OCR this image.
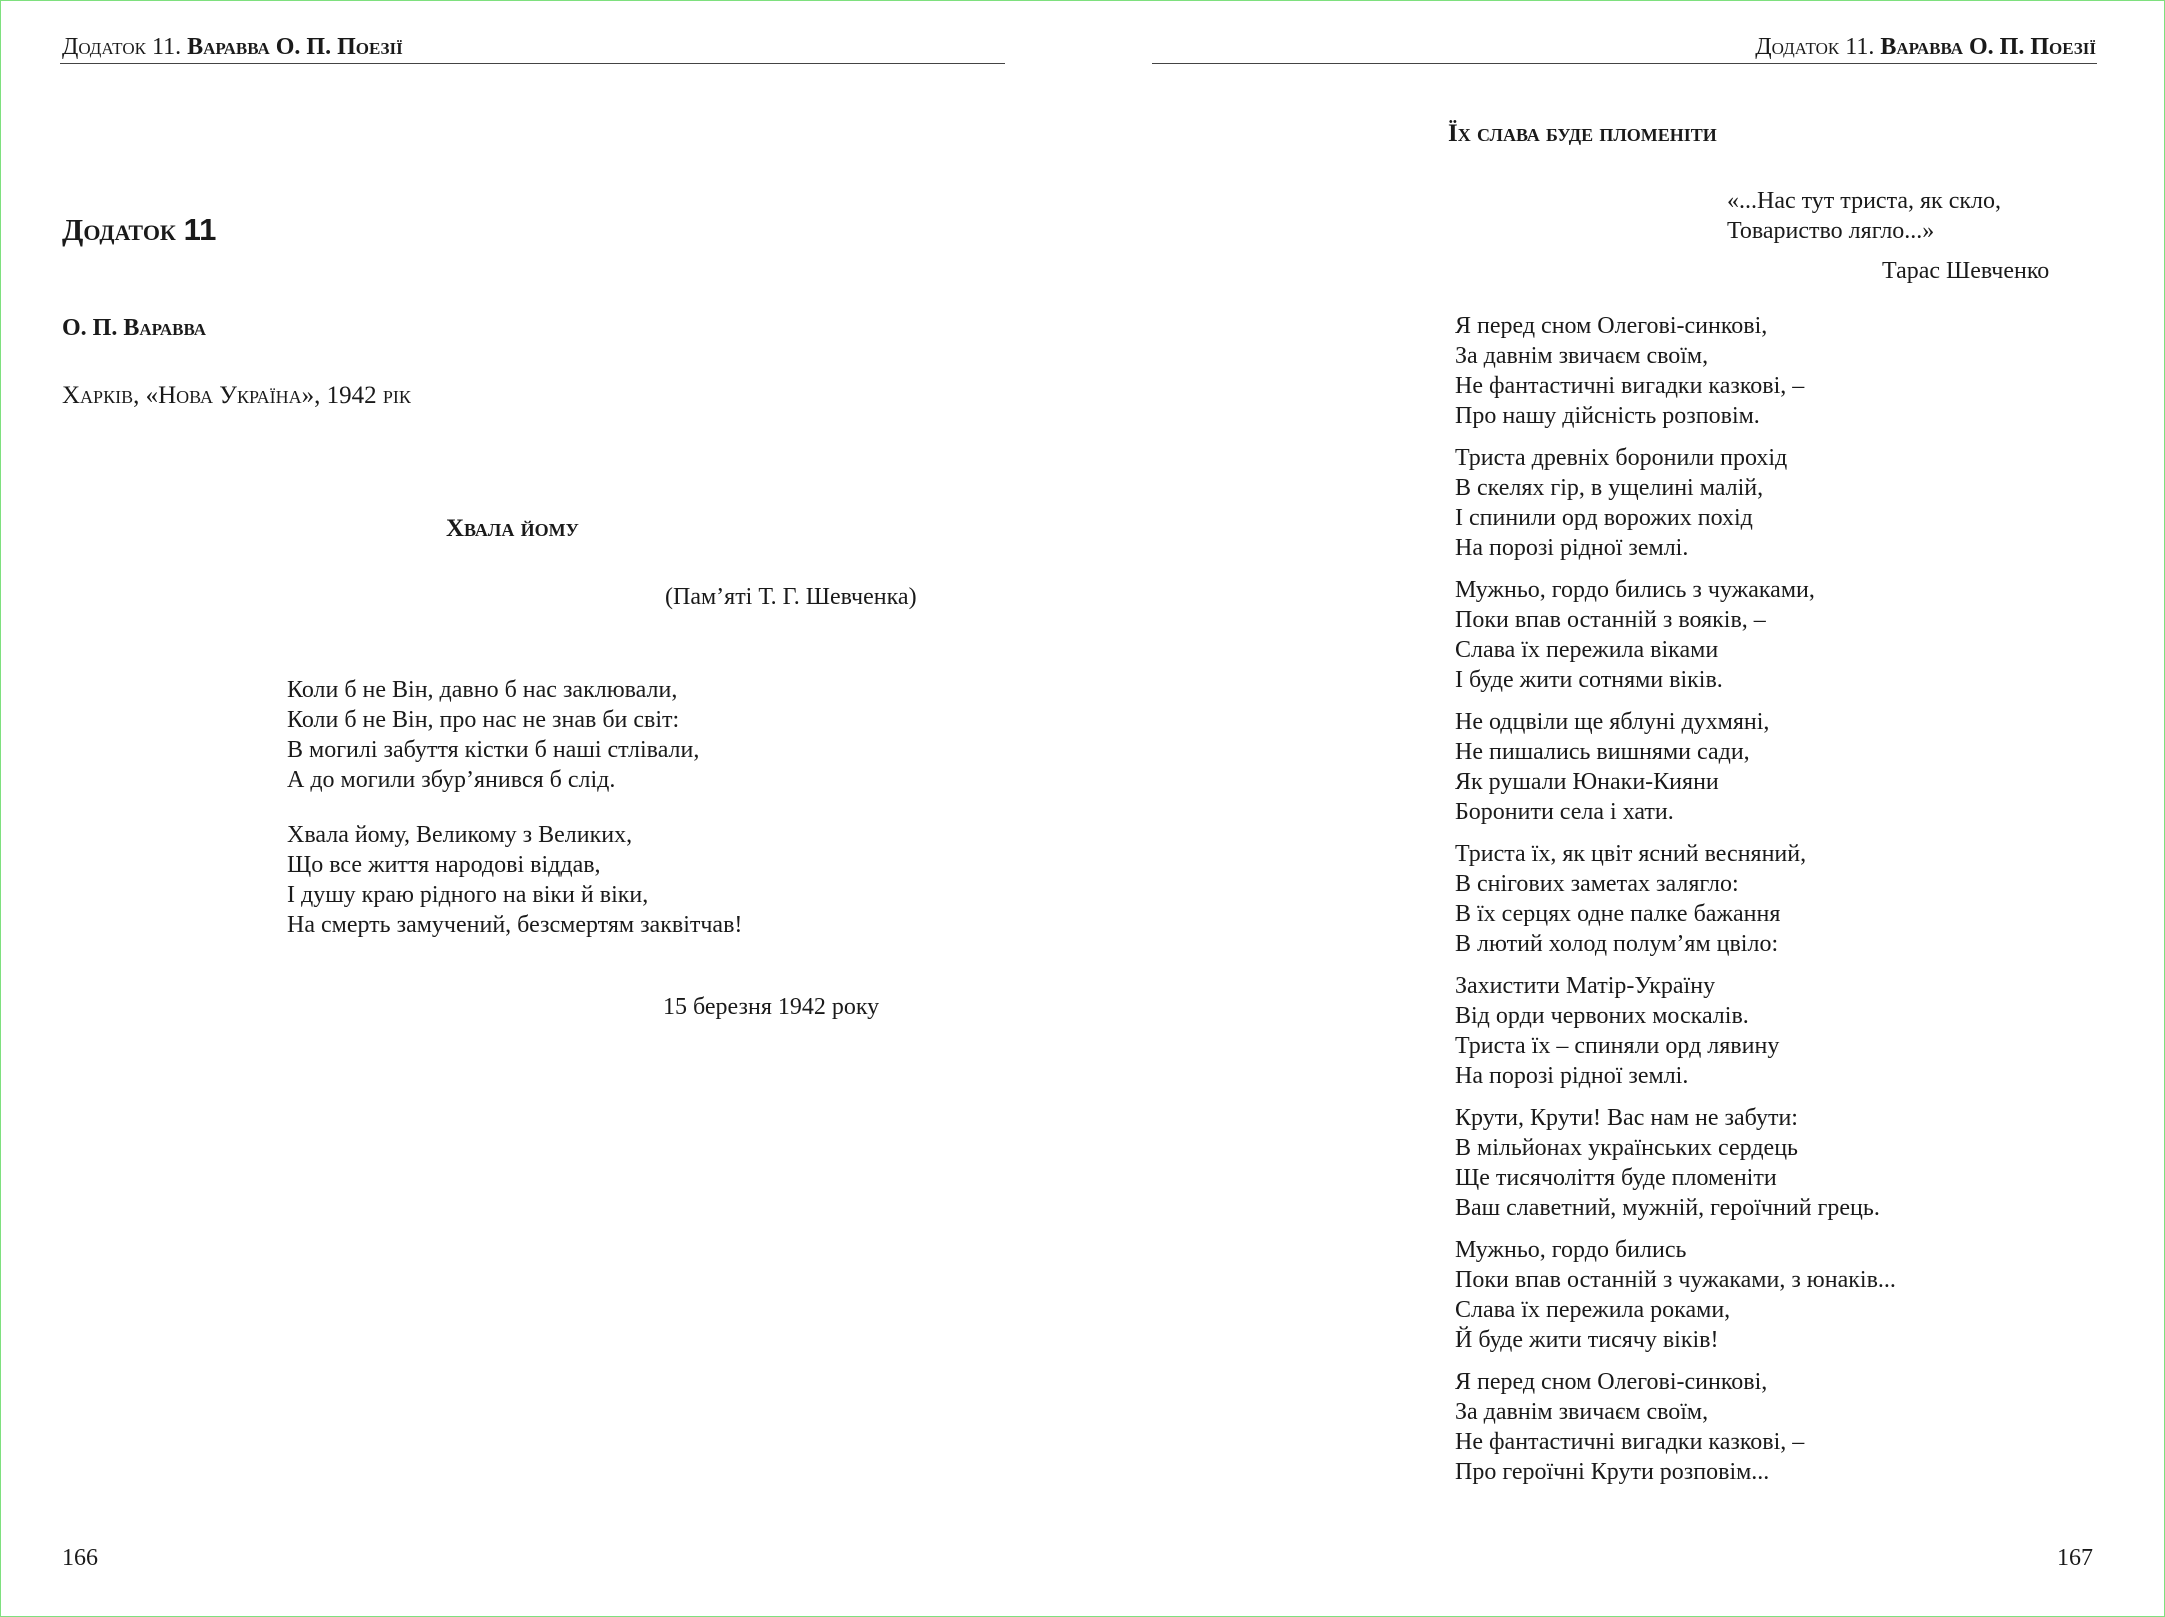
Додаток 11. Варавва О. П. Поезії
Додаток 11
О. П. Варавва
Харків, «Нова Україна», 1942 рік
Хвала йому
(Пам’яті Т. Г. Шевченка)
Коли б не Він, давно б нас заклювали,
Коли б не Він, про нас не знав би світ:
В могилі забуття кістки б наші стлівали,
А до могили збур’янився б слід.
Хвала йому, Великому з Великих,
Що все життя народові віддав,
І душу краю рідного на віки й віки,
На смерть замучений, безсмертям заквітчав!
15 березня 1942 року
166
Додаток 11. Варавва О. П. Поезії
Їх слава буде пломеніти
«...Нас тут триста, як скло,
Товариство лягло...»
Тарас Шевченко
Я перед сном Олегові-синкові,
За давнім звичаєм своїм,
Не фантастичні вигадки казкові, –
Про нашу дійсність розповім.
Триста древніх боронили прохід
В скелях гір, в ущелині малій,
І спинили орд ворожих похід
На порозі рідної землі.
Мужньо, гордо бились з чужаками,
Поки впав останній з вояків, –
Слава їх пережила віками
І буде жити сотнями віків.
Не одцвіли ще яблуні духмяні,
Не пишались вишнями сади,
Як рушали Юнаки-Кияни
Боронити села і хати.
Триста їх, як цвіт ясний весняний,
В снігових заметах залягло:
В їх серцях одне палке бажання
В лютий холод полум’ям цвіло:
Захистити Матір-Україну
Від орди червоних москалів.
Триста їх – спиняли орд лявину
На порозі рідної землі.
Крути, Крути! Вас нам не забути:
В мільйонах українських сердець
Ще тисячоліття буде пломеніти
Ваш славетний, мужній, героїчний грець.
Мужньо, гордо бились
Поки впав останній з чужаками, з юнаків...
Слава їх пережила роками,
Й буде жити тисячу віків!
Я перед сном Олегові-синкові,
За давнім звичаєм своїм,
Не фантастичні вигадки казкові, –
Про героїчні Крути розповім...
167
